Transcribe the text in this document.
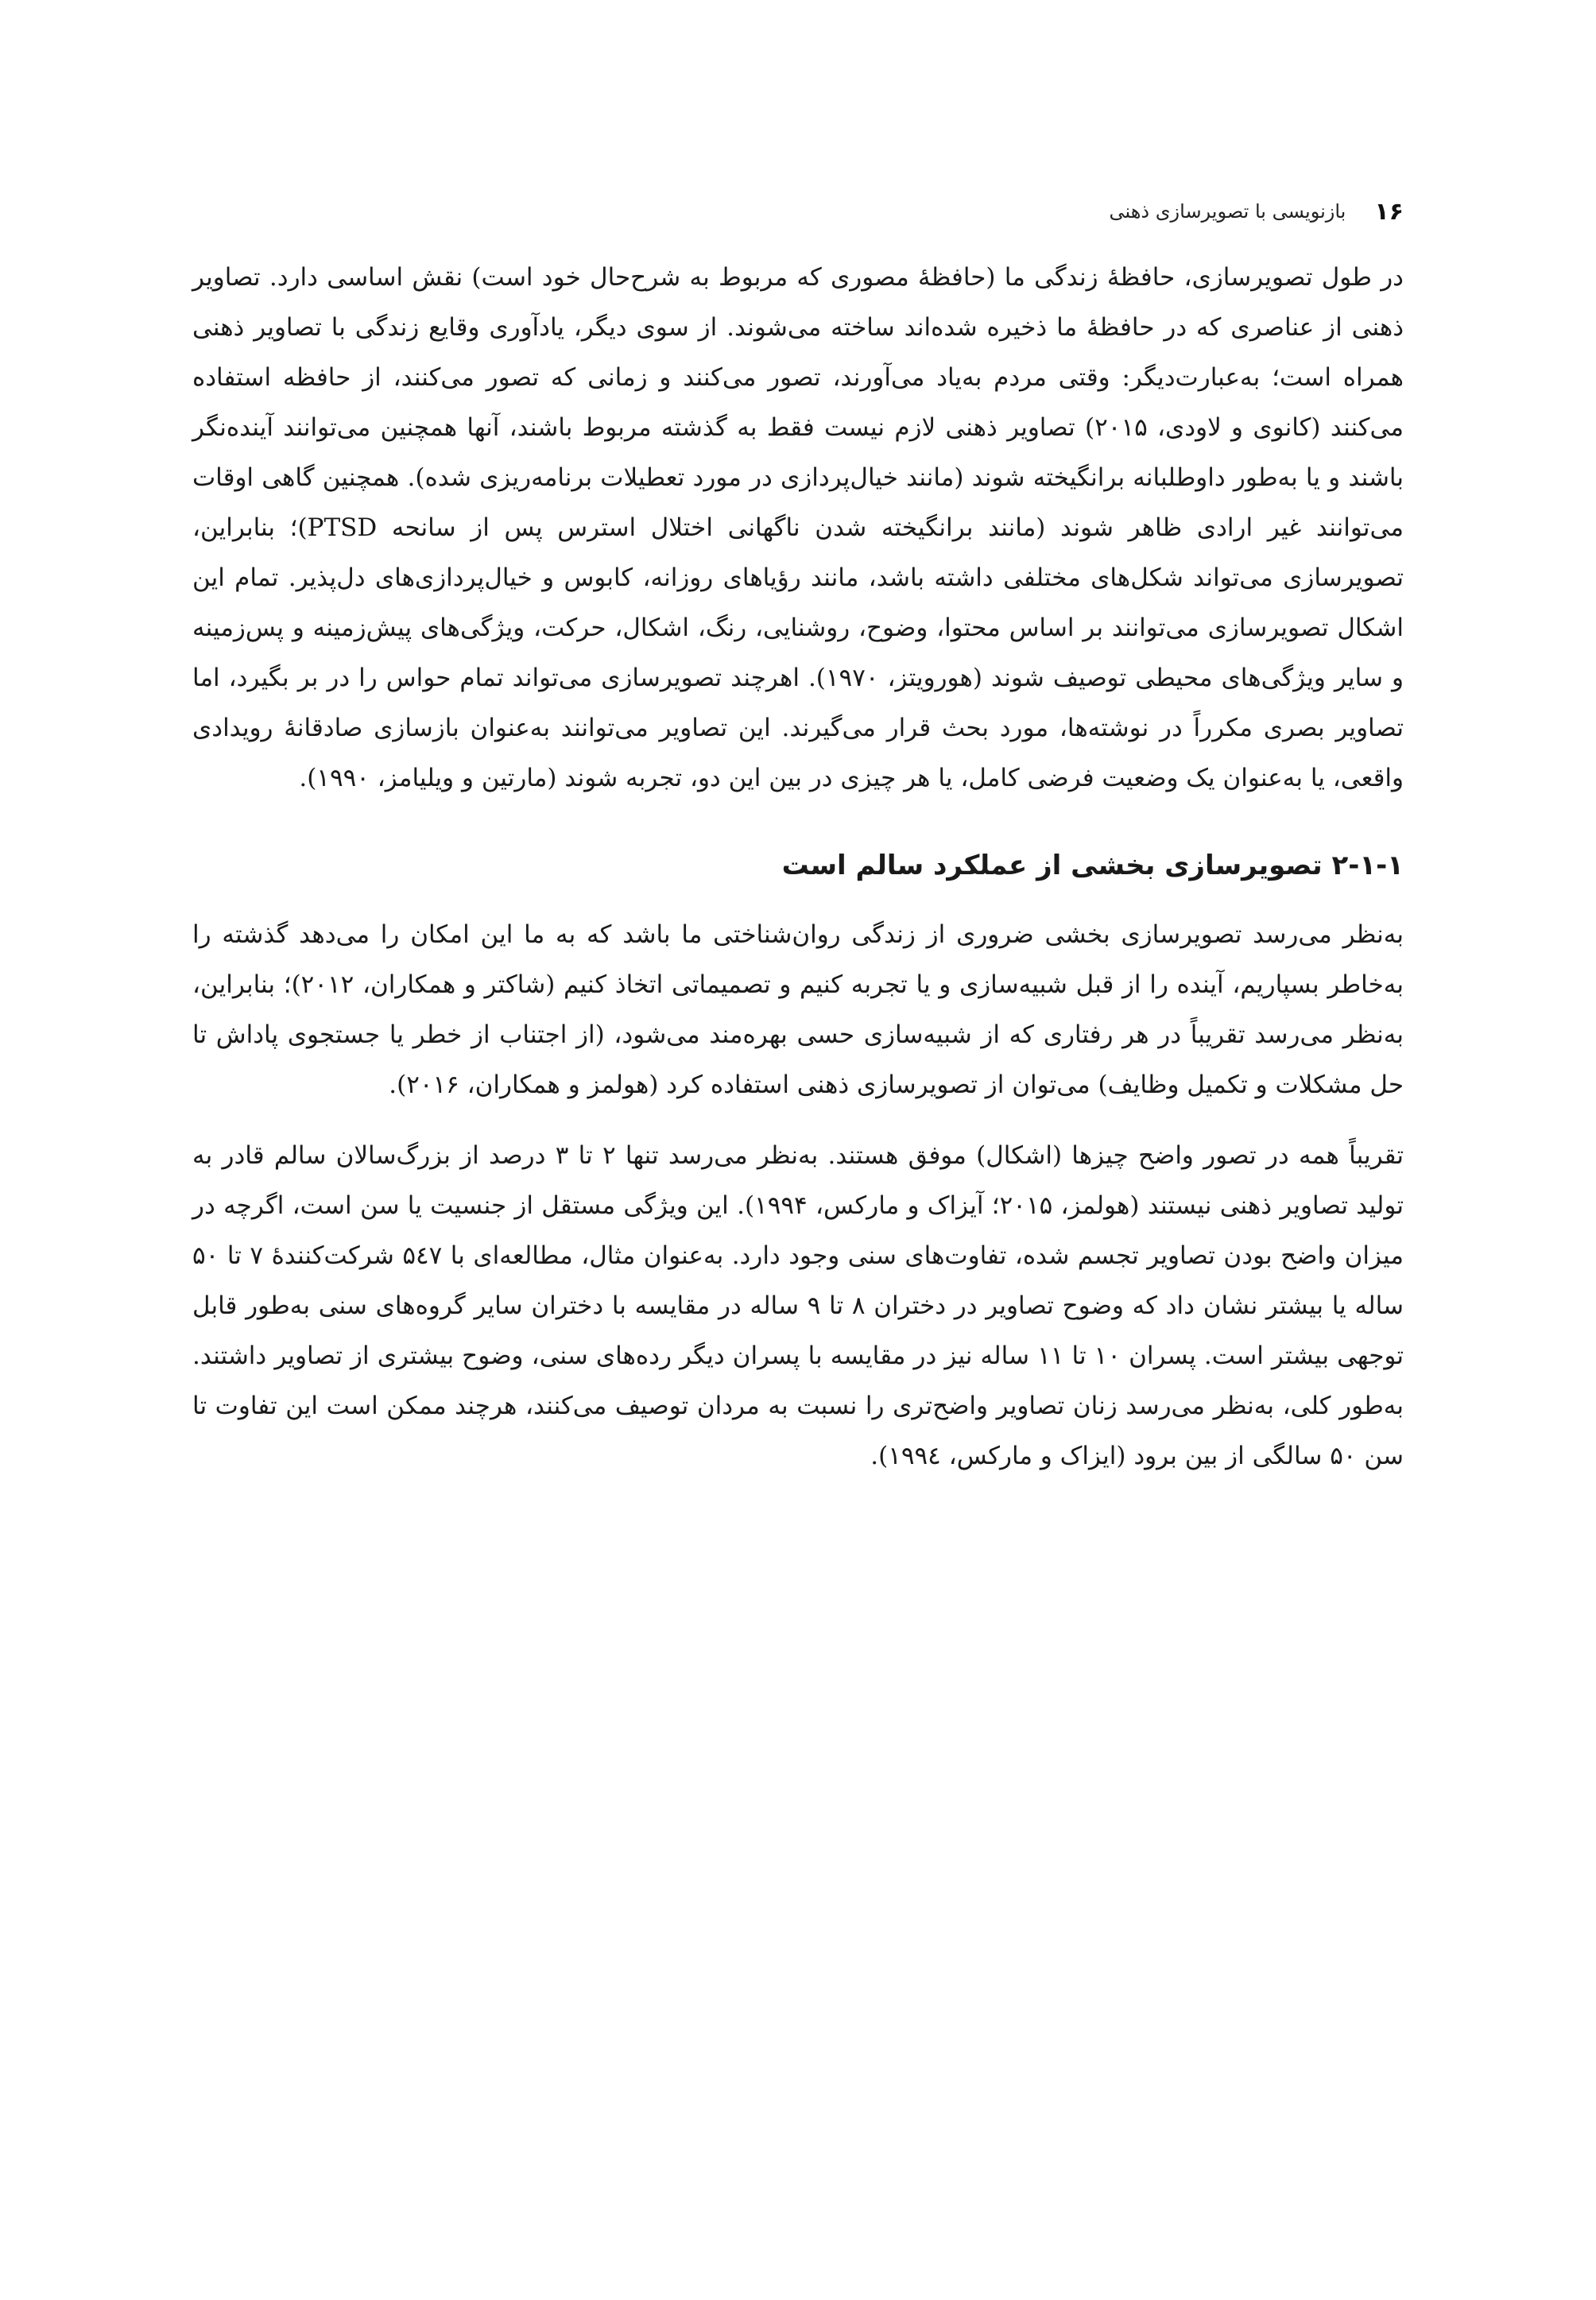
۱۶
بازنویسی با تصویرسازی ذهنی

در طول تصویرسازی، حافظهٔ زندگی ما (حافظهٔ مصوری که مربوط به شرح‌حال خود است) نقش اساسی دارد. تصاویر ذهنی از عناصری که در حافظهٔ ما ذخیره شده‌اند ساخته می‌شوند. از سوی دیگر، یادآوری وقایع زندگی با تصاویر ذهنی همراه است؛ به‌عبارت‌دیگر: وقتی مردم به‌یاد می‌آورند، تصور می‌کنند و زمانی که تصور می‌کنند، از حافظه استفاده می‌کنند (کانوی و لاودی، ۲۰۱۵) تصاویر ذهنی لازم نیست فقط به گذشته مربوط باشند، آنها همچنین می‌توانند آینده‌نگر باشند و یا به‌طور داوطلبانه برانگیخته شوند (مانند خیال‌پردازی در مورد تعطیلات برنامه‌ریزی شده). همچنین گاهی اوقات می‌توانند غیر ارادی ظاهر شوند (مانند برانگیخته شدن ناگهانی اختلال استرس پس از سانحه PTSD)؛ بنابراین، تصویرسازی می‌تواند شکل‌های مختلفی داشته باشد، مانند رؤیاهای روزانه، کابوس و خیال‌پردازی‌های دل‌پذیر. تمام این اشکال تصویرسازی می‌توانند بر اساس محتوا، وضوح، روشنایی، رنگ، اشکال، حرکت، ویژگی‌های پیش‌زمینه و پس‌زمینه و سایر ویژگی‌های محیطی توصیف شوند (هورویتز، ۱۹۷۰). اهرچند تصویرسازی می‌تواند تمام حواس را در بر بگیرد، اما تصاویر بصری مکرراً در نوشته‌ها، مورد بحث قرار می‌گیرند. این تصاویر می‌توانند به‌عنوان بازسازی صادقانهٔ رویدادی واقعی، یا به‌عنوان یک وضعیت فرضی کامل، یا هر چیزی در بین این دو، تجربه شوند (مارتین و ویلیامز، ۱۹۹۰).

۲-۱-۱ تصویرسازی بخشی از عملکرد سالم است

به‌نظر می‌رسد تصویرسازی بخشی ضروری از زندگی روان‌شناختی ما باشد که به ما این امکان را می‌دهد گذشته را به‌خاطر بسپاریم، آینده را از قبل شبیه‌سازی و یا تجربه کنیم و تصمیماتی اتخاذ کنیم (شاکتر و همکاران، ۲۰۱۲)؛ بنابراین، به‌نظر می‌رسد تقریباً در هر رفتاری که از شبیه‌سازی حسی بهره‌مند می‌شود، (از اجتناب از خطر یا جستجوی پاداش تا حل مشکلات و تکمیل وظایف) می‌توان از تصویرسازی ذهنی استفاده کرد (هولمز و همکاران، ۲۰۱۶).

تقریباً همه در تصور واضح چیزها (اشکال) موفق هستند. به‌نظر می‌رسد تنها ۲ تا ۳ درصد از بزرگ‌سالان سالم قادر به تولید تصاویر ذهنی نیستند (هولمز، ۲۰۱۵؛ آیزاک و مارکس، ۱۹۹۴). این ویژگی مستقل از جنسیت یا سن است، اگرچه در میزان واضح بودن تصاویر تجسم شده، تفاوت‌های سنی وجود دارد. به‌عنوان مثال، مطالعه‌ای با ۵٤۷ شرکت‌کنندهٔ ۷ تا ۵۰ ساله یا بیشتر نشان داد که وضوح تصاویر در دختران ۸ تا ۹ ساله در مقایسه با دختران سایر گروه‌های سنی به‌طور قابل توجهی بیشتر است. پسران ۱۰ تا ۱۱ ساله نیز در مقایسه با پسران دیگر رده‌های سنی، وضوح بیشتری از تصاویر داشتند. به‌طور کلی، به‌نظر می‌رسد زنان تصاویر واضح‌تری را نسبت به مردان توصیف می‌کنند، هرچند ممکن است این تفاوت تا سن ۵۰ سالگی از بین برود (ایزاک و مارکس، ۱۹۹٤).
